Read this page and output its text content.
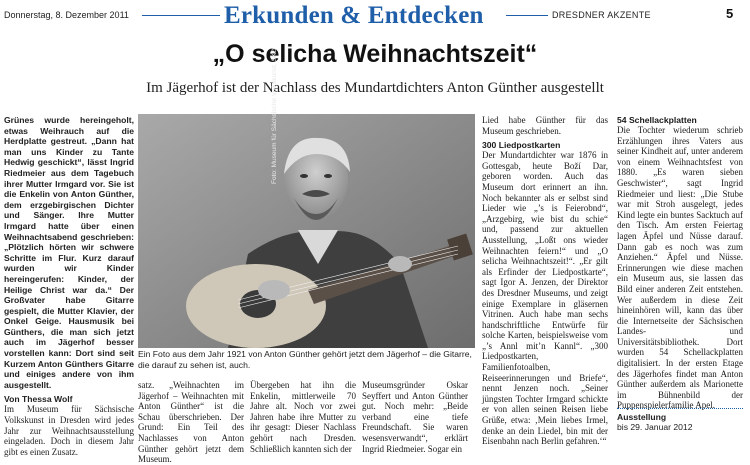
Donnerstag, 8. Dezember 2011	Erkunden & Entdecken	DRESDNER AKZENTE	5
„O selicha Weihnachtszeit“
Im Jägerhof ist der Nachlass des Mundartdichters Anton Günther ausgestellt
Grünes wurde hereingeholt, etwas Weihrauch auf die Herdplatte gestreut. „Dann hat man uns Kinder zu Tante Hedwig geschickt“, lässt Ingrid Riedmeier aus dem Tagebuch ihrer Mutter Irmgard vor. Sie ist die Enkelin von Anton Günther, dem erzgebirgischen Dichter und Sänger. Ihre Mutter Irmgard hatte über einen Weihnachtsabend geschrieben: „Plötzlich hörten wir schwere Schritte im Flur. Kurz darauf wurden wir Kinder hereingerufen: Kinder, der Heilige Christ war da.“ Der Großvater habe Gitarre gespielt, die Mutter Klavier, der Onkel Geige. Hausmusik bei Günthers, die man sich jetzt auch im Jägerhof besser vorstellen kann: Dort sind seit Kurzem Anton Günthers Gitarre und einiges andere von ihm ausgestellt.
Von Thessa Wolf
Im Museum für Sächsische Volkskunst in Dresden wird jedes Jahr zur Weihnachtsausstellung eingeladen. Doch in diesem Jahr gibt es einen Zusatz.
Foto: Museum für Sächsische Volkskunst, SKD
Ein Foto aus dem Jahr 1921 von Anton Günther gehört jetzt dem Jägerhof – die Gitarre, die darauf zu sehen ist, auch.
satz. „Weihnachten im Jägerhof – Weihnachten mit Anton Günther“ ist die Schau überschrieben. Der Grund: Ein Teil des Nachlasses von Anton Günther gehört jetzt dem Museum.
Übergeben hat ihn die Enkelin, mittlerweile 70 Jahre alt. Noch vor zwei Jahren habe ihre Mutter zu ihr gesagt: Dieser Nachlass gehört nach Dresden. Schließlich kannten sich der
Museumsgründer Oskar Seyffert und Anton Günther gut. Noch mehr: „Beide verband eine tiefe Freundschaft. Sie waren wesensverwandt“, erklärt Ingrid Riedmeier. Sogar ein
Lied habe Günther für das Museum geschrieben.
300 Liedpostkarten
Der Mundartdichter war 1876 in Gottesgab, heute Boží Dar, geboren worden. Auch das Museum dort erinnert an ihn. Noch bekannter als er selbst sind Lieder wie „’s is Feierobnd“, „Arzgebirg, wie bist du schie“ und, passend zur aktuellen Ausstellung, „Loßt ons wieder Weihnachten feiern!“ und „O selicha Weihnachtszeit!“. „Er gilt als Erfinder der Liedpostkarte“, sagt Igor A. Jenzen, der Direktor des Dresdner Museums, und zeigt einige Exemplare in gläsernen Vitrinen. Auch habe man sechs handschriftliche Entwürfe für solche Karten, beispielsweise vom „’s Annl mit’n Kannl“. „300 Liedpostkarten, Familienfotoalben, Reiseerinnerungen und Briefe“, nennt Jenzen noch. „Seiner jüngsten Tochter Irmgard schickte er von allen seinen Reisen liebe Grüße, etwa: ‚Mein liebes Irmel, denke an dein Liedel, bin mit der Eisenbahn nach Berlin gefahren.‘“
54 Schellackplatten
Die Tochter wiederum schrieb Erzählungen ihres Vaters aus seiner Kindheit auf, unter anderem von einem Weihnachtsfest von 1880. „Es waren sieben Geschwister“, sagt Ingrid Riedmeier und liest: „Die Stube war mit Stroh ausgelegt, jedes Kind legte ein buntes Sacktuch auf den Tisch. Am ersten Feiertag lagen Äpfel und Nüsse darauf. Dann gab es noch was zum Anziehen.“ Äpfel und Nüsse. Erinnerungen wie diese machen ein Museum aus, sie lassen das Bild einer anderen Zeit entstehen. Wer außerdem in diese Zeit hineinhören will, kann das über die Internetseite der Sächsischen Landes- und Universitätsbibliothek. Dort wurden 54 Schellackplatten digitalisiert. In der ersten Etage des Jägerhofes findet man Anton Günther außerdem als Marionette im Bühnenbild der Puppenspielerfamilie Apel.
Ausstellung
bis 29. Januar 2012
